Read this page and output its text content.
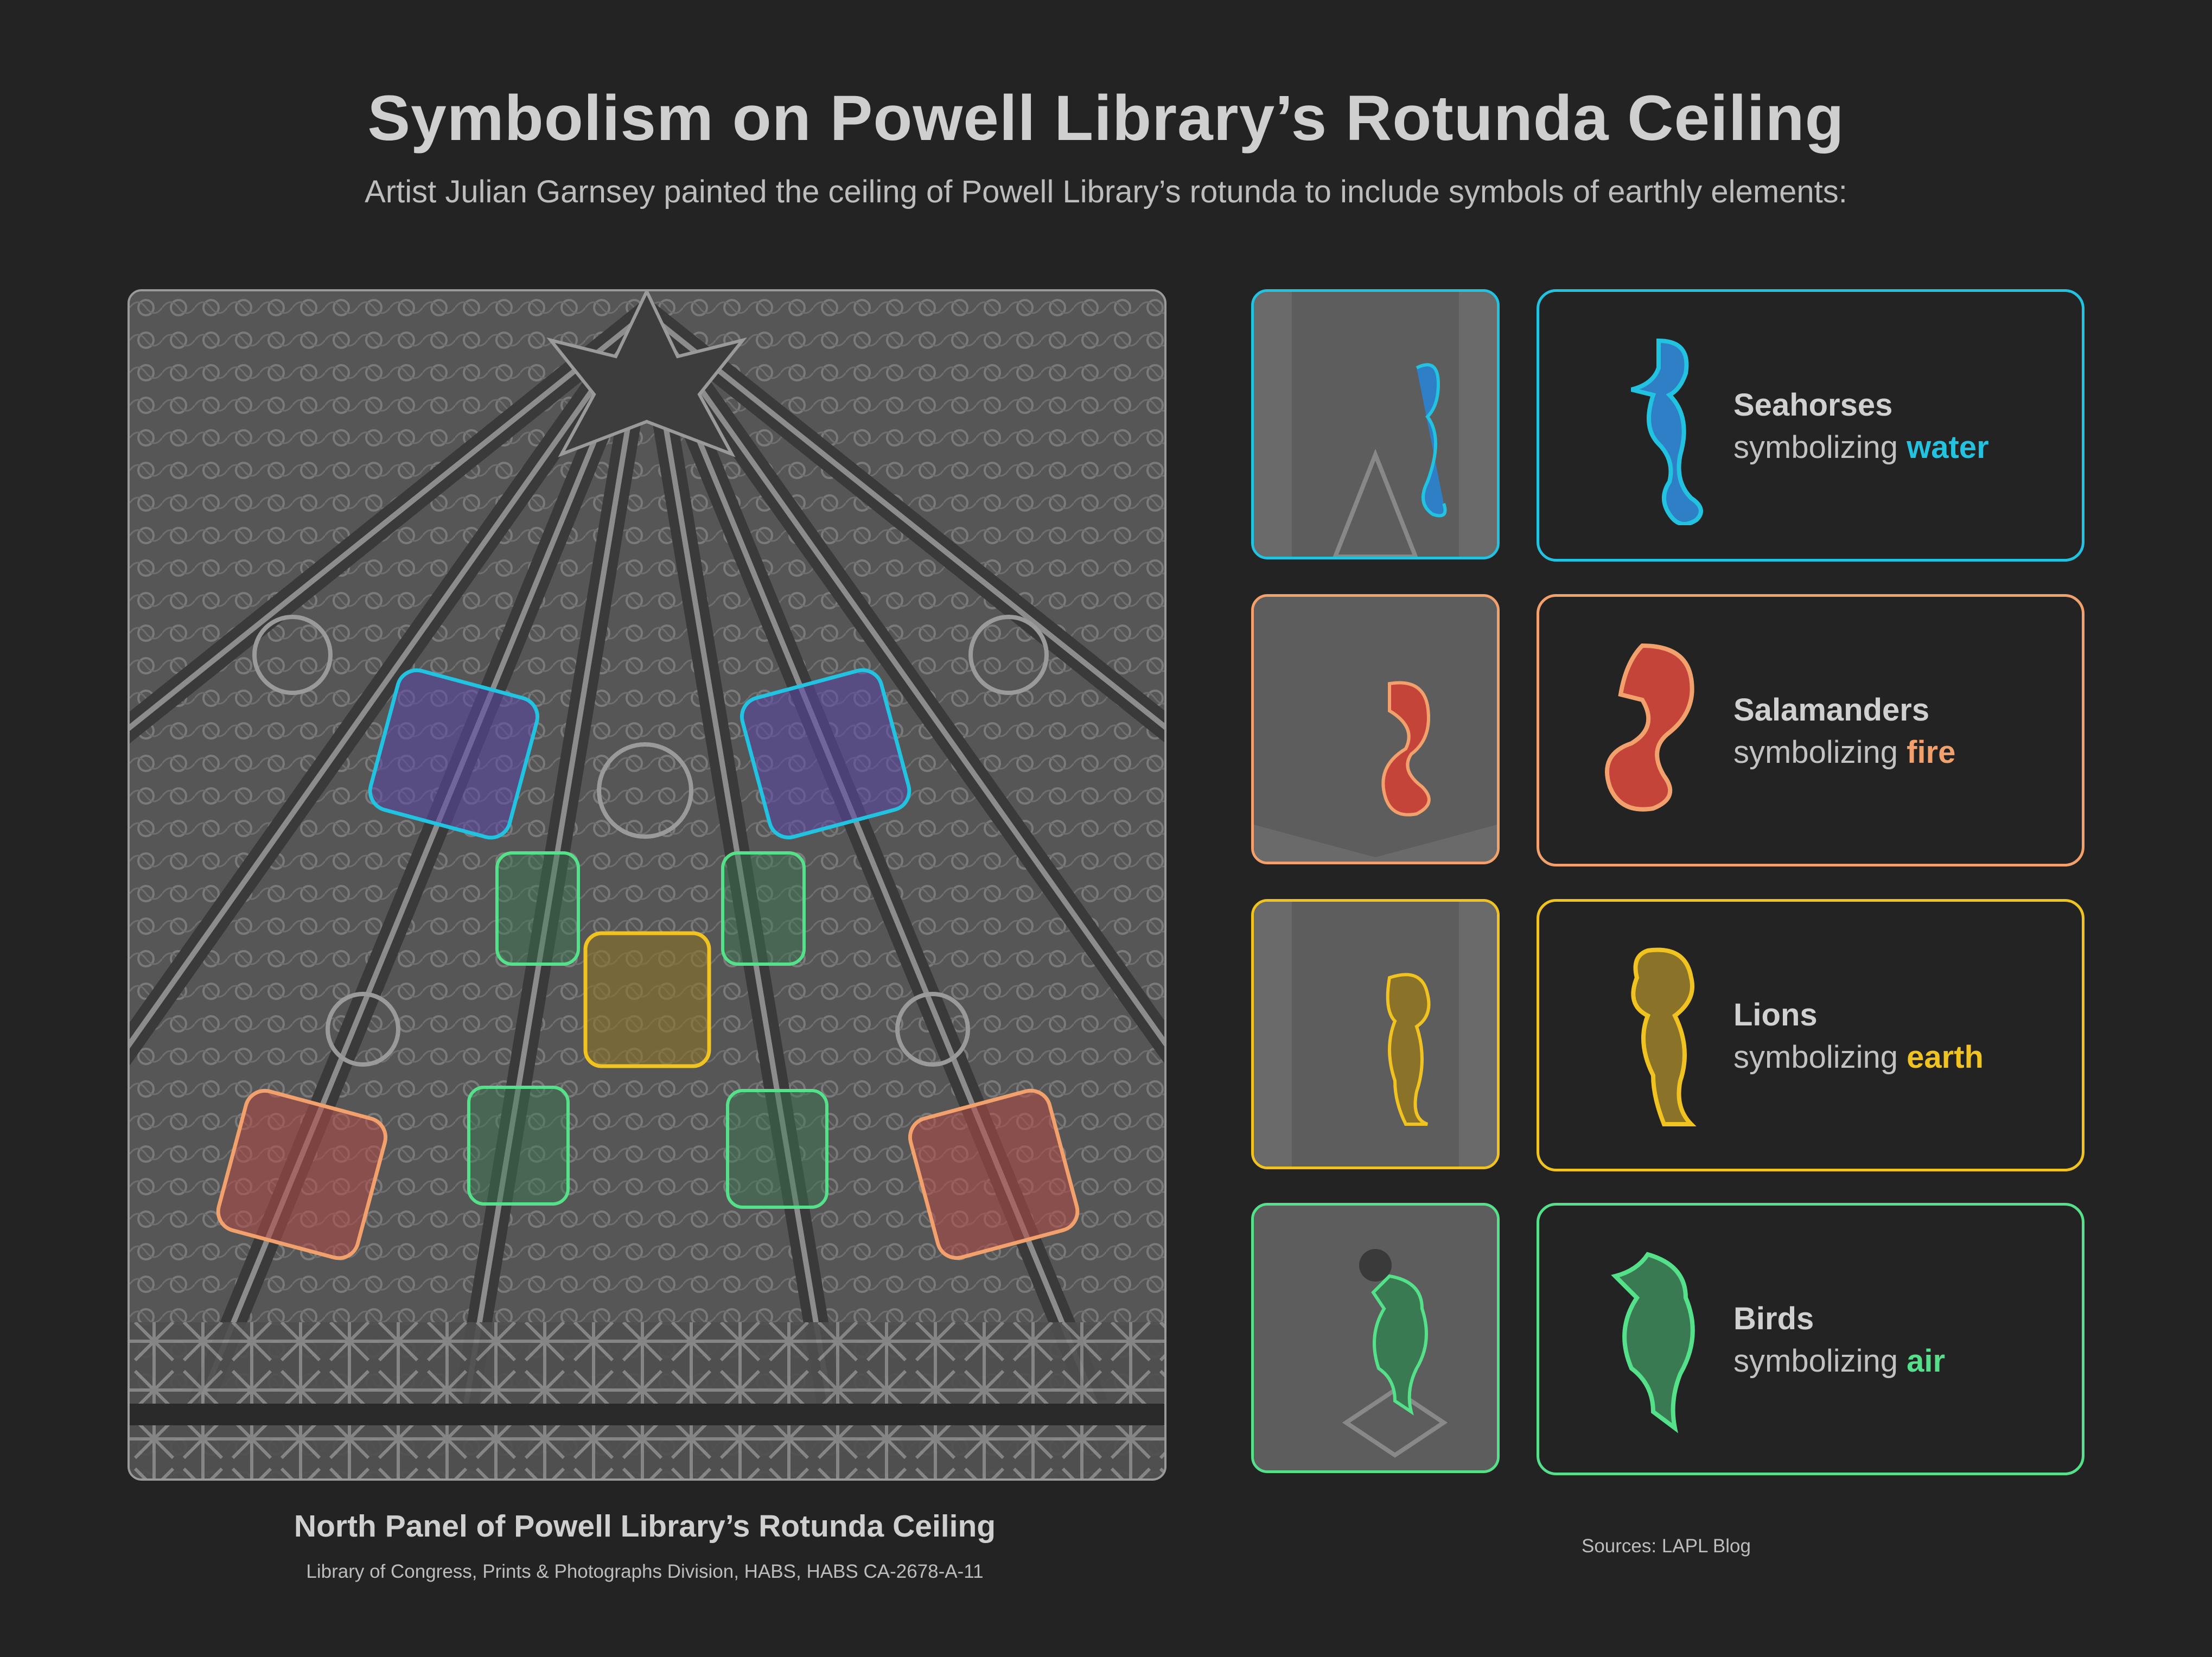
Symbolism on Powell Library’s Rotunda Ceiling
Artist Julian Garnsey painted the ceiling of Powell Library’s rotunda to include symbols of earthly elements:
North Panel of Powell Library’s Rotunda Ceiling
Library of Congress, Prints & Photographs Division, HABS, HABS CA-2678-A-11
Seahorses
symbolizing water
Salamanders
symbolizing fire
Lions
symbolizing earth
Birds
symbolizing air
Sources: LAPL Blog
